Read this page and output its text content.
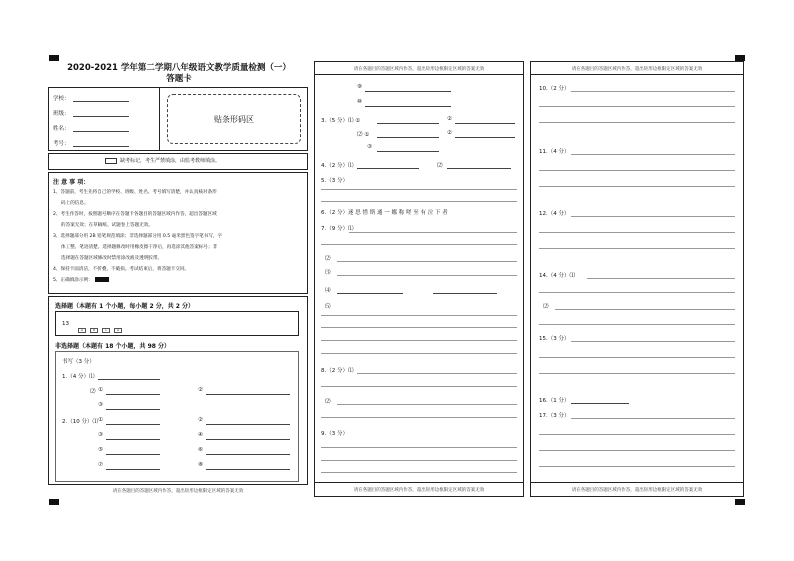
2020-2021 学年第二学期八年级语文教学质量检测（一）
答题卡
学校：
班级：
姓名：
考号：
贴条形码区
缺考标记，考生严禁填涂，由监考教师填涂。
注 意 事 项：
1、答题前，考生先将自己的学校、班级、姓名、考号填写清楚，并认真核对条形
码上的信息。
2、考生作答时，按照题号顺序在答题卡各题目的答题区域内作答，超出答题区域
的答案无效；在草稿纸、试题卷上答题无效。
3、选择题部分用 2B 铅笔规范填涂；非选择题部分用 0.5 毫米黑色签字笔书写，字
体工整、笔迹清楚。选择题修改时用橡皮擦干净后，再选涂其他答案标号；非
选择题在答题区域修改时禁用涂改液及透明胶带。
4、保持卡面清洁，不折叠、不破损。考试结束后，将答题卡交回。
5、正确填涂示例：
选择题（本题有 1 个小题，每小题 2 分，共 2 分）
13
A	B	C	D
非选择题（本题有 18 个小题，共 98 分）
书写（3 分）
1.（4 分）⑴
⑵ ①	②
③
2.（10 分）⑴ ①	②
③	④
⑤	⑥
⑦	⑧
请在各题目的答题区域内作答，超出矩形边框限定区域的答案无效
请在各题目的答题区域内作答，超出矩形边框限定区域的答案无效
⑨
⑩
3.（5 分）⑴ ①	②
⑵ ①	②
③
4.（2 分）⑴	⑵
5.（3 分）
6.（2 分）迷 思 惜 斯 通 一 娜 称 嗟 至 有 泣 下 者
7.（9 分）⑴
⑵
⑶
⑷
⑸
8.（2 分）⑴
⑵
9.（3 分）
请在各题目的答题区域内作答，超出矩形边框限定区域的答案无效
请在各题目的答题区域内作答，超出矩形边框限定区域的答案无效
10.（2 分）
11.（4 分）
12.（4 分）
14.（4 分）⑴
⑵
15.（3 分）
16.（1 分）
17.（3 分）
请在各题目的答题区域内作答，超出矩形边框限定区域的答案无效
